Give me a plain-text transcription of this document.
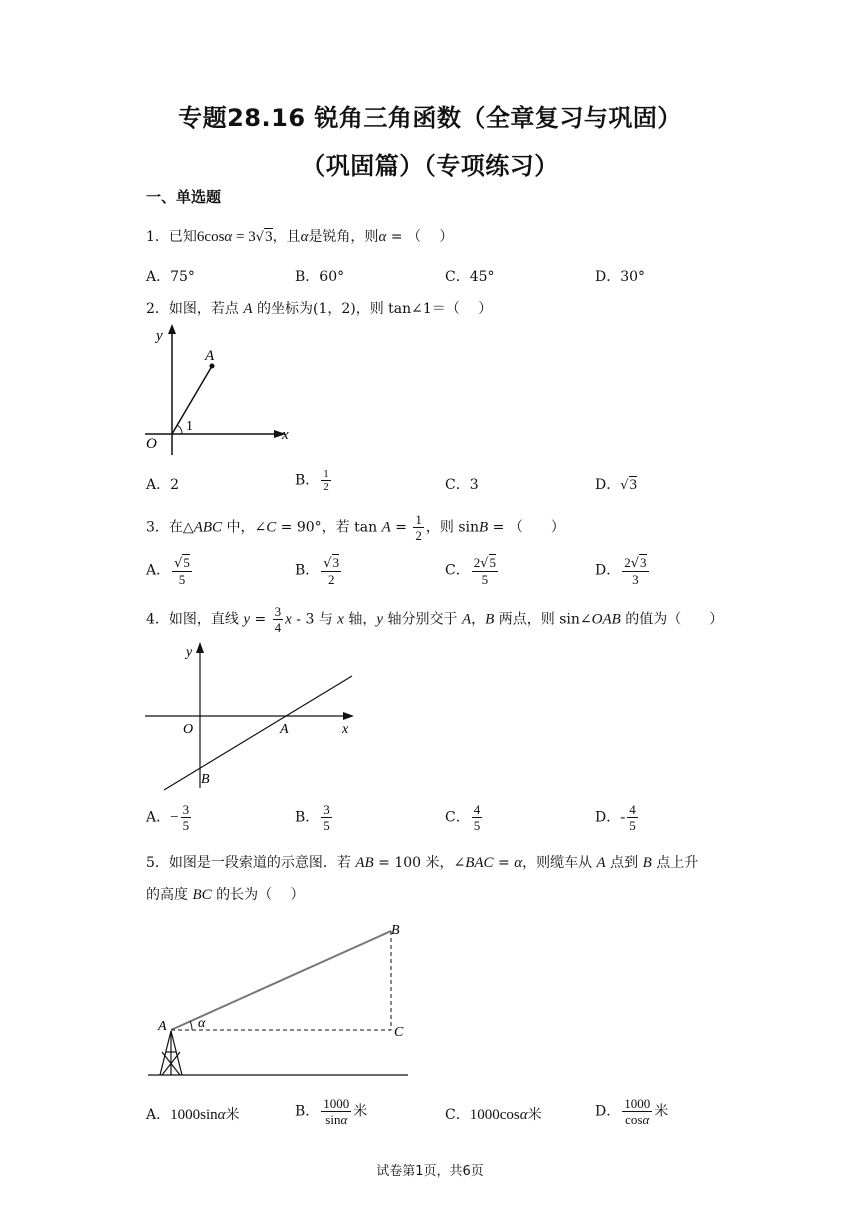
专题28.16 锐角三角函数（全章复习与巩固）
（巩固篇）（专项练习）
一、单选题
1．已知6cosα = 3√3，且α是锐角，则α = （　 ）
A．75°	B．60°	C．45°	D．30°
2．如图，若点 A 的坐标为(1，2)，则 tan∠1＝（　 ）
y
x
O
A
1
A．2	B． $\frac{1}{2}$	C．3	D．√3
3．在△ABC 中，∠C = 90°，若 $\tan A = \frac{1}{2}$ ，则 sinB = （　　）
A． $\frac{√5}{5}$	B． $\frac{√3}{2}$	C． $\frac{2√5}{5}$	D． $\frac{2√3}{3}$
4．如图，直线 $y = \frac{3}{4}$ x - 3 与 x 轴，y 轴分别交于 A，B 两点，则 sin∠OAB 的值为（　　）
y
x
O	A
B
A．− $\frac{3}{5}$	B． $\frac{3}{5}$	C． $\frac{4}{5}$	D．- $\frac{4}{5}$
5．如图是一段索道的示意图．若 AB = 100 米，∠BAC = α，则缆车从 A 点到 B 点上升
的高度 BC 的长为（　 ）
A
B
C
α
A．1000sinα米	B． $\frac{1000}{\sin\alpha}$ 米	C．1000cosα米	D． $\frac{1000}{\cos\alpha}$ 米
试卷第1页，共6页
